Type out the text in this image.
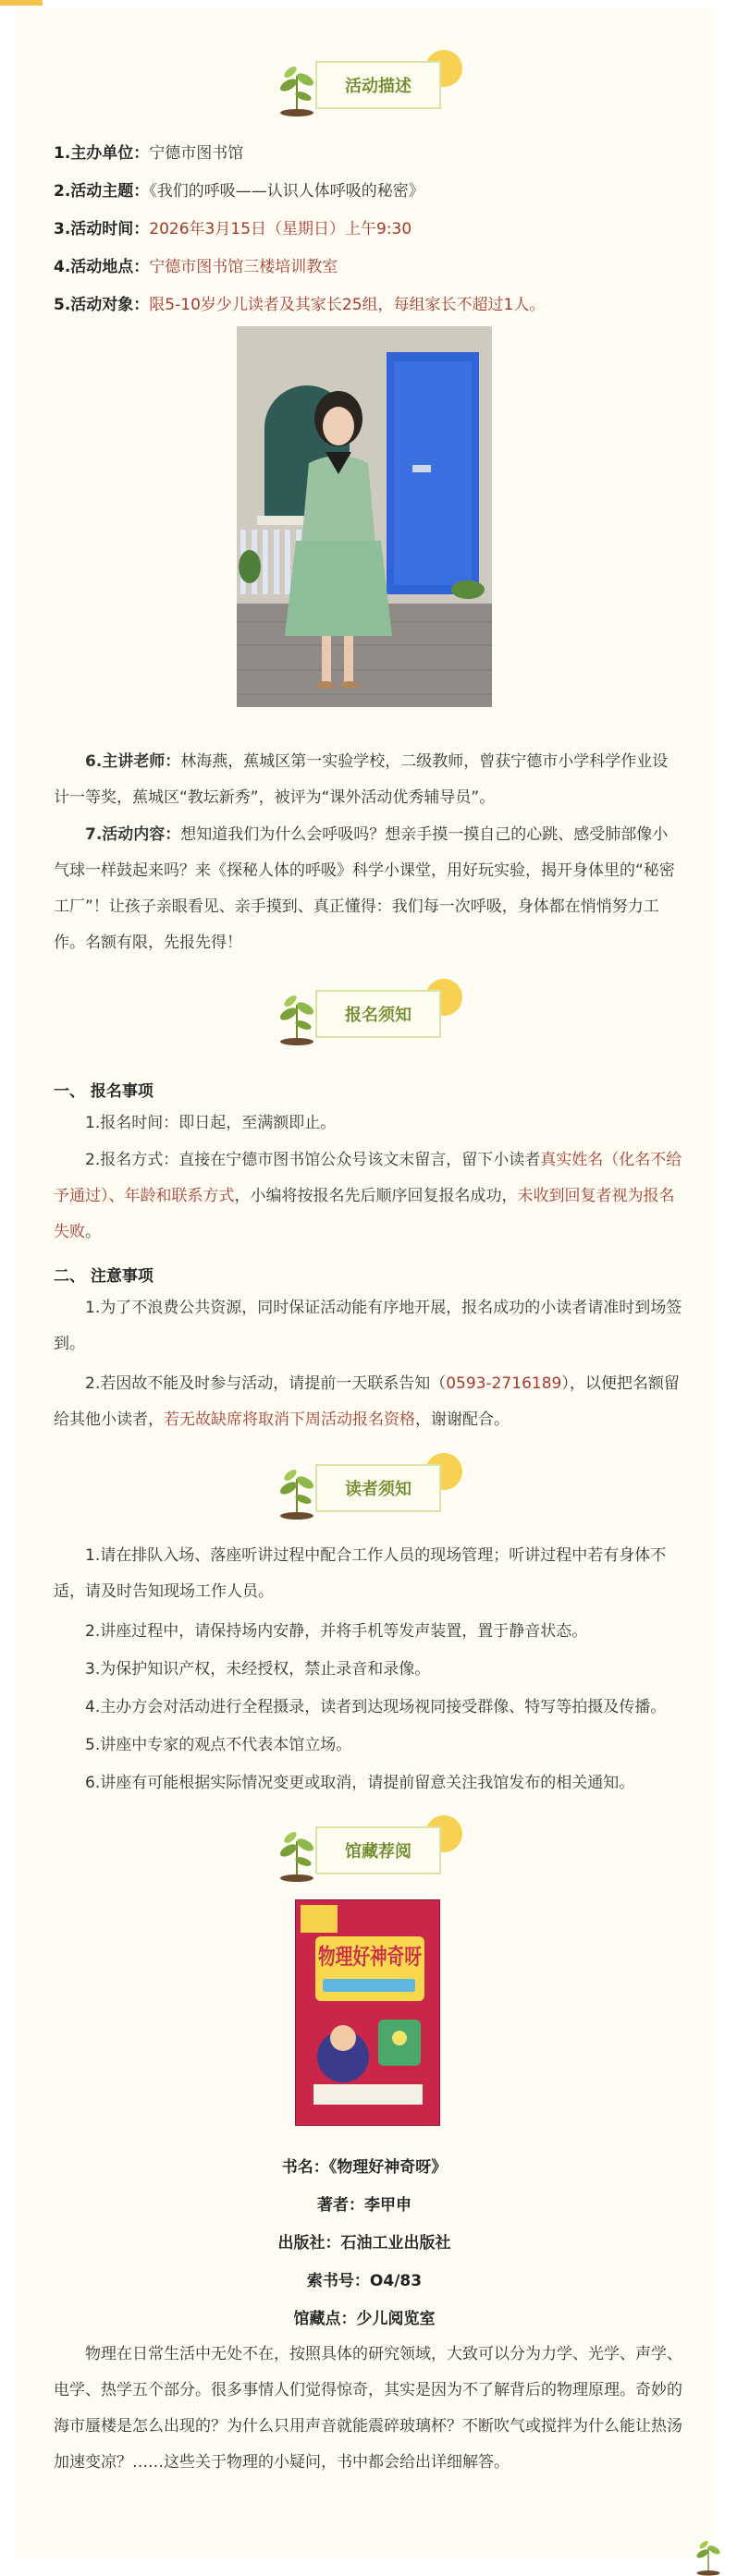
活动描述
1.主办单位：宁德市图书馆
2.活动主题：《我们的呼吸——认识人体呼吸的秘密》
3.活动时间：2026年3月15日（星期日）上午9:30
4.活动地点：宁德市图书馆三楼培训教室
5.活动对象：限5-10岁少儿读者及其家长25组，每组家长不超过1人。
6.主讲老师：林海燕，蕉城区第一实验学校，二级教师，曾获宁德市小学科学作业设计一等奖，蕉城区“教坛新秀”，被评为“课外活动优秀辅导员”。
7.活动内容：想知道我们为什么会呼吸吗？想亲手摸一摸自己的心跳、感受肺部像小气球一样鼓起来吗？来《探秘人体的呼吸》科学小课堂，用好玩实验，揭开身体里的“秘密工厂”！让孩子亲眼看见、亲手摸到、真正懂得：我们每一次呼吸，身体都在悄悄努力工作。名额有限，先报先得！
报名须知
一、 报名事项
1.报名时间：即日起，至满额即止。
2.报名方式：直接在宁德市图书馆公众号该文末留言，留下小读者真实姓名（化名不给予通过）、年龄和联系方式，小编将按报名先后顺序回复报名成功，未收到回复者视为报名失败。
二、 注意事项
1.为了不浪费公共资源，同时保证活动能有序地开展，报名成功的小读者请准时到场签到。
2.若因故不能及时参与活动，请提前一天联系告知（0593-2716189），以便把名额留给其他小读者，若无故缺席将取消下周活动报名资格，谢谢配合。
读者须知
1.请在排队入场、落座听讲过程中配合工作人员的现场管理；听讲过程中若有身体不适，请及时告知现场工作人员。
2.讲座过程中，请保持场内安静，并将手机等发声装置，置于静音状态。
3.为保护知识产权，未经授权，禁止录音和录像。
4.主办方会对活动进行全程摄录，读者到达现场视同接受群像、特写等拍摄及传播。
5.讲座中专家的观点不代表本馆立场。
6.讲座有可能根据实际情况变更或取消，请提前留意关注我馆发布的相关通知。
馆藏荐阅
物理好神奇呀
书名：《物理好神奇呀》
著者：李甲申
出版社：石油工业出版社
索书号：O4/83
馆藏点：少儿阅览室
物理在日常生活中无处不在，按照具体的研究领域，大致可以分为力学、光学、声学、电学、热学五个部分。很多事情人们觉得惊奇，其实是因为不了解背后的物理原理。奇妙的海市蜃楼是怎么出现的？为什么只用声音就能震碎玻璃杯？不断吹气或搅拌为什么能让热汤加速变凉？……这些关于物理的小疑问，书中都会给出详细解答。
